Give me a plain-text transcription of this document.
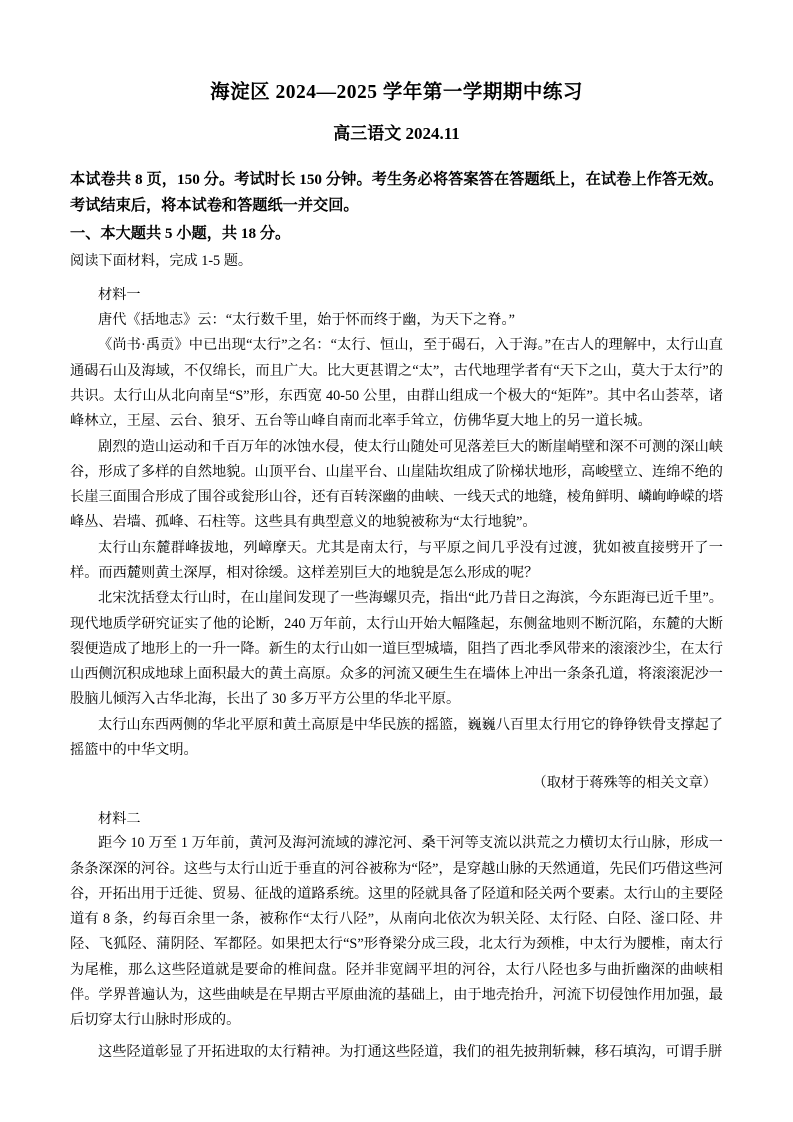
海淀区 2024—2025 学年第一学期期中练习
高三语文 2024.11
本试卷共 8 页，150 分。考试时长 150 分钟。考生务必将答案答在答题纸上，在试卷上作答无效。考试结束后，将本试卷和答题纸一并交回。
一、本大题共 5 小题，共 18 分。
阅读下面材料，完成 1-5 题。
材料一

唐代《括地志》云：“太行数千里，始于怀而终于幽，为天下之脊。”

《尚书·禹贡》中已出现“太行”之名：“太行、恒山，至于碣石，入于海。”在古人的理解中，太行山直通碣石山及海域，不仅绵长，而且广大。比大更甚谓之“太”，古代地理学者有“天下之山，莫大于太行”的共识。太行山从北向南呈“S”形，东西宽 40-50 公里，由群山组成一个极大的“矩阵”。其中名山荟萃，诸峰林立，王屋、云台、狼牙、五台等山峰自南而北率手耸立，仿佛华夏大地上的另一道长城。

剧烈的造山运动和千百万年的冰蚀水侵，使太行山随处可见落差巨大的断崖峭壁和深不可测的深山峡谷，形成了多样的自然地貌。山顶平台、山崖平台、山崖陆坎组成了阶梯状地形，高峻壁立、连绵不绝的长崖三面围合形成了围谷或瓮形山谷，还有百转深幽的曲峡、一线天式的地缝，棱角鲜明、嶙峋峥嵘的塔峰丛、岩墙、孤峰、石柱等。这些具有典型意义的地貌被称为“太行地貌”。

太行山东麓群峰拔地，列嶂摩天。尤其是南太行，与平原之间几乎没有过渡，犹如被直接劈开了一样。而西麓则黄土深厚，相对徐缓。这样差别巨大的地貌是怎么形成的呢？

北宋沈括登太行山时，在山崖间发现了一些海螺贝壳，指出“此乃昔日之海滨，今东距海已近千里”。现代地质学研究证实了他的论断，240 万年前，太行山开始大幅隆起，东侧盆地则不断沉陷，东麓的大断裂便造成了地形上的一升一降。新生的太行山如一道巨型城墙，阻挡了西北季风带来的滚滚沙尘，在太行山西侧沉积成地球上面积最大的黄土高原。众多的河流又硬生生在墙体上冲出一条条孔道，将滚滚泥沙一股脑儿倾泻入古华北海，长出了 30 多万平方公里的华北平原。

太行山东西两侧的华北平原和黄土高原是中华民族的摇篮，巍巍八百里太行用它的铮铮铁骨支撑起了摇篮中的中华文明。

（取材于蒋殊等的相关文章）

材料二

距今 10 万至 1 万年前，黄河及海河流域的滹沱河、桑干河等支流以洪荒之力横切太行山脉，形成一条条深深的河谷。这些与太行山近于垂直的河谷被称为“陉”，是穿越山脉的天然通道，先民们巧借这些河谷，开拓出用于迁徙、贸易、征战的道路系统。这里的陉就具备了陉道和陉关两个要素。太行山的主要陉道有 8 条，约每百余里一条，被称作“太行八陉”，从南向北依次为轵关陉、太行陉、白陉、滏口陉、井陉、飞狐陉、蒲阴陉、军都陉。如果把太行“S”形脊梁分成三段，北太行为颈椎，中太行为腰椎，南太行为尾椎，那么这些陉道就是要命的椎间盘。陉并非宽阔平坦的河谷，太行八陉也多与曲折幽深的曲峡相伴。学界普遍认为，这些曲峡是在早期古平原曲流的基础上，由于地壳抬升，河流下切侵蚀作用加强，最后切穿太行山脉时形成的。

这些陉道彰显了开拓进取的太行精神。为打通这些陉道，我们的祖先披荆斩棘，移石填沟，可谓手胼
